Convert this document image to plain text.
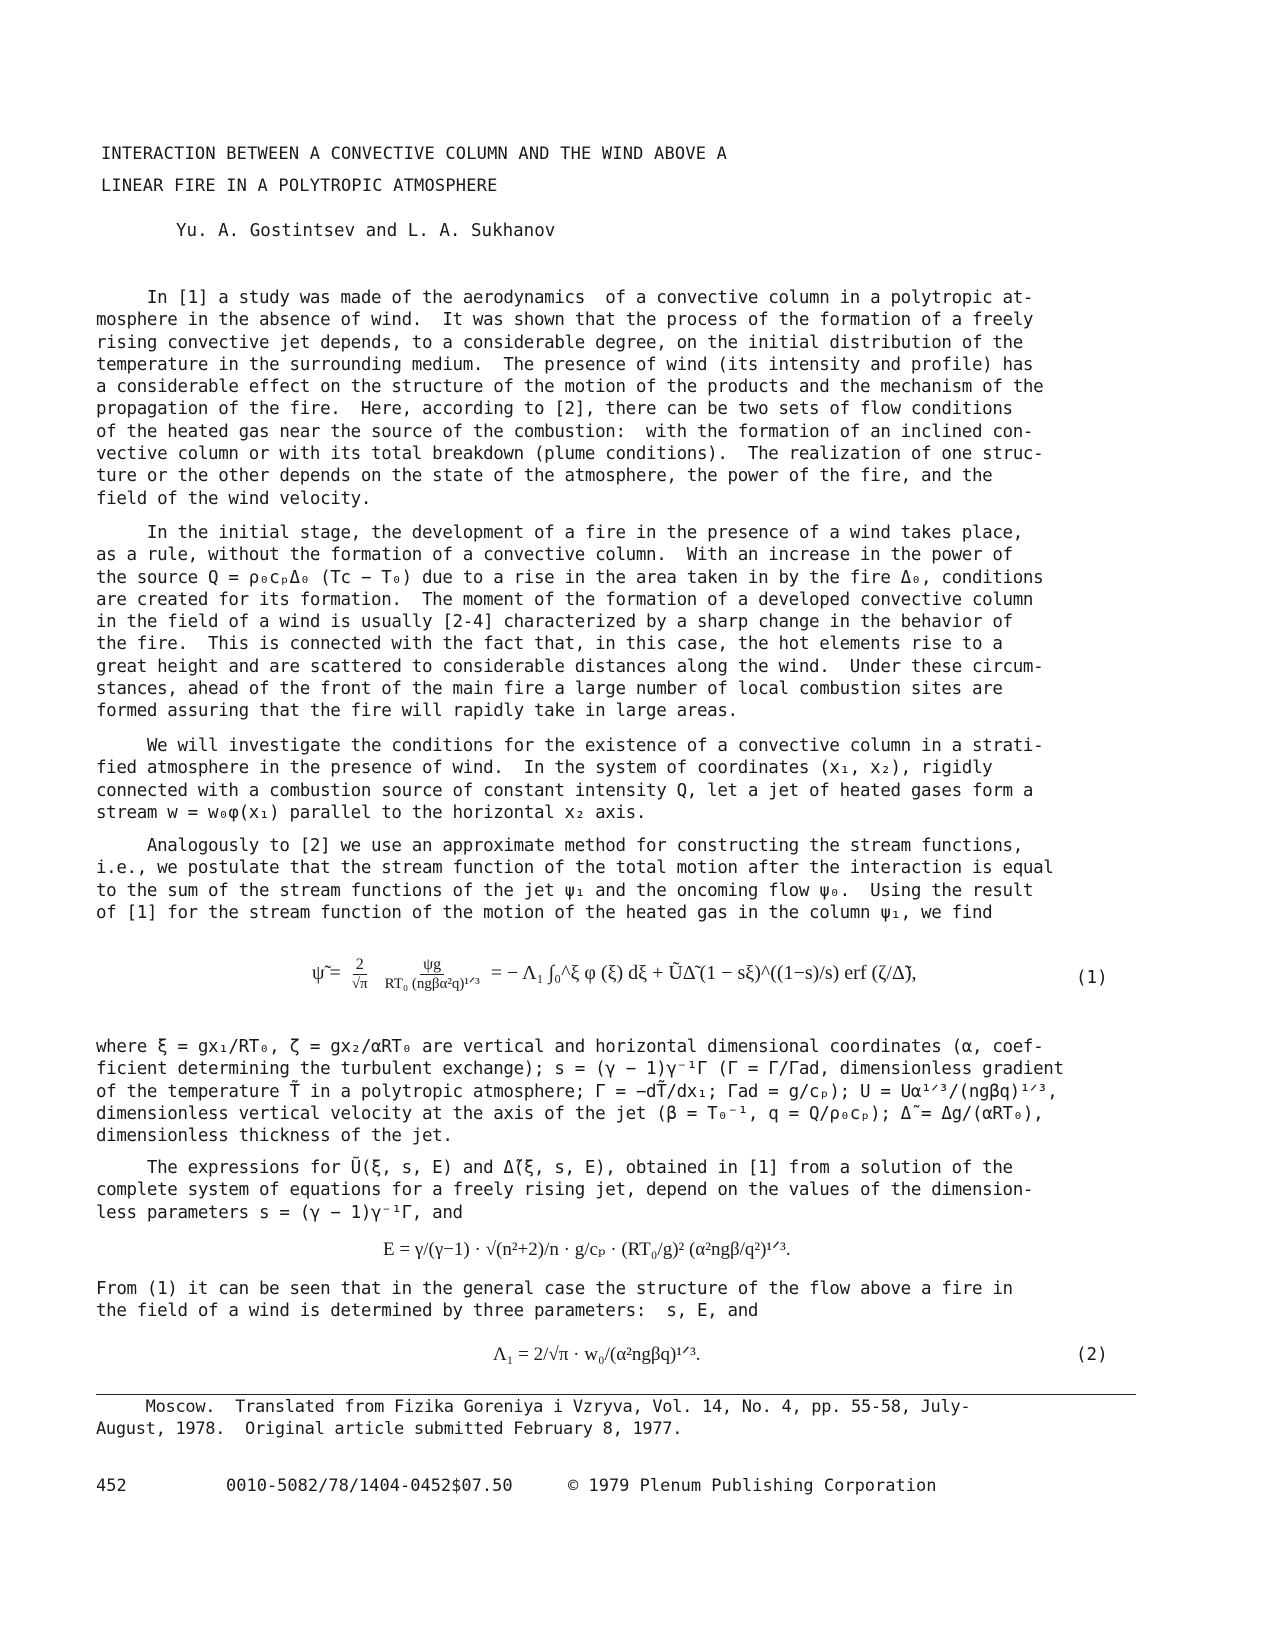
INTERACTION BETWEEN A CONVECTIVE COLUMN AND THE WIND ABOVE A
LINEAR FIRE IN A POLYTROPIC ATMOSPHERE
Yu. A. Gostintsev and L. A. Sukhanov
In [1] a study was made of the aerodynamics  of a convective column in a polytropic at-
mosphere in the absence of wind.  It was shown that the process of the formation of a freely
rising convective jet depends, to a considerable degree, on the initial distribution of the
temperature in the surrounding medium.  The presence of wind (its intensity and profile) has
a considerable effect on the structure of the motion of the products and the mechanism of the
propagation of the fire.  Here, according to [2], there can be two sets of flow conditions
of the heated gas near the source of the combustion:  with the formation of an inclined con-
vective column or with its total breakdown (plume conditions).  The realization of one struc-
ture or the other depends on the state of the atmosphere, the power of the fire, and the
field of the wind velocity.
In the initial stage, the development of a fire in the presence of a wind takes place,
as a rule, without the formation of a convective column.  With an increase in the power of
the source Q = ρ₀cₚΔ₀ (Tc − T₀) due to a rise in the area taken in by the fire Δ₀, conditions
are created for its formation.  The moment of the formation of a developed convective column
in the field of a wind is usually [2-4] characterized by a sharp change in the behavior of
the fire.  This is connected with the fact that, in this case, the hot elements rise to a
great height and are scattered to considerable distances along the wind.  Under these circum-
stances, ahead of the front of the main fire a large number of local combustion sites are
formed assuring that the fire will rapidly take in large areas.
We will investigate the conditions for the existence of a convective column in a strati-
fied atmosphere in the presence of wind.  In the system of coordinates (x₁, x₂), rigidly
connected with a combustion source of constant intensity Q, let a jet of heated gases form a
stream w = w₀φ(x₁) parallel to the horizontal x₂ axis.
Analogously to [2] we use an approximate method for constructing the stream functions,
i.e., we postulate that the stream function of the total motion after the interaction is equal
to the sum of the stream functions of the jet ψ₁ and the oncoming flow ψ₀.  Using the result
of [1] for the stream function of the motion of the heated gas in the column ψ₁, we find
ψ̃ = $\frac{2}{√\pi}$
$\frac{\psi g}{\text{RT₀ (ngβα²q)¹ᐟ³}}$ = − Λ₁ ∫₀^ξ φ (ξ) dξ + ŨΔ̃ (1 − sξ)^((1−s)/s) erf (ζ/Δ̃),	(1)
where ξ = gx₁/RT₀, ζ = gx₂/αRT₀ are vertical and horizontal dimensional coordinates (α, coef-
ficient determining the turbulent exchange); s = (γ − 1)γ⁻¹Γ (Γ = Γ/Γad, dimensionless gradient
of the temperature T̃ in a polytropic atmosphere; Γ = −dT̃/dx₁; Γad = g/cₚ); U = Uα¹ᐟ³/(ngβq)¹ᐟ³,
dimensionless vertical velocity at the axis of the jet (β = T₀⁻¹, q = Q/ρ₀cₚ); Δ̃ = Δg/(αRT₀),
dimensionless thickness of the jet.
The expressions for Ũ(ξ, s, E) and Δ̃(ξ, s, E), obtained in [1] from a solution of the
complete system of equations for a freely rising jet, depend on the values of the dimension-
less parameters s = (γ − 1)γ⁻¹Γ, and
E = γ/(γ−1) · √(n²+2)/n · g/cₚ · (RT₀/g)² (α²ngβ/q²)¹ᐟ³.
From (1) it can be seen that in the general case the structure of the flow above a fire in
the field of a wind is determined by three parameters:  s, E, and
Λ₁ = 2/√π · w₀/(α²ngβq)¹ᐟ³.	(2)
Moscow.  Translated from Fizika Goreniya i Vzryva, Vol. 14, No. 4, pp. 55-58, July-
August, 1978.  Original article submitted February 8, 1977.
452	0010-5082/78/1404-0452$07.50	© 1979 Plenum Publishing Corporation
